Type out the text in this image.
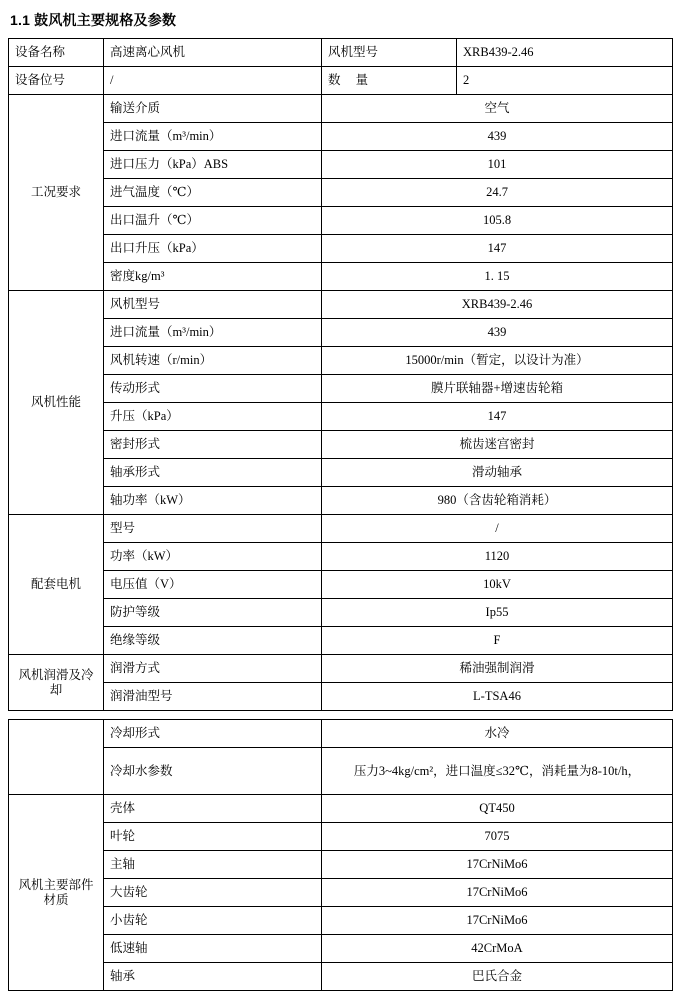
1.1 鼓风机主要规格及参数
设备名称	高速离心风机	风机型号	XRB439-2.46
设备位号	/	数 量	2
工况要求	输送介质	空气	
	进口流量（m³/min）	439	
	进口压力（kPa）ABS	101	
	进气温度（℃）	24.7	
	出口温升（℃）	105.8	
	出口升压（kPa）	147	
	密度kg/m³	1. 15	
风机性能	风机型号	XRB439-2.46	
	进口流量（m³/min）	439	
	风机转速（r/min）	15000r/min（暂定，以设计为准）	
	传动形式	膜片联轴器+增速齿轮箱	
	升压（kPa）	147	
	密封形式	梳齿迷宫密封	
	轴承形式	滑动轴承	
	轴功率（kW）	980（含齿轮箱消耗）	
配套电机	型号	/	
	功率（kW）	1120	
	电压值（V）	10kV	
	防护等级	Ip55	
	绝缘等级	F	
风机润滑及冷却	润滑方式	稀油强制润滑	
	润滑油型号	L-TSA46	

	冷却形式	水冷
	冷却水参数	压力3~4kg/cm²，进口温度≤32℃，消耗量为8-10t/h，
风机主要部件材质	壳体	QT450
	叶轮	7075
	主轴	17CrNiMo6
	大齿轮	17CrNiMo6
	小齿轮	17CrNiMo6
	低速轴	42CrMoA
	轴承	巴氏合金
